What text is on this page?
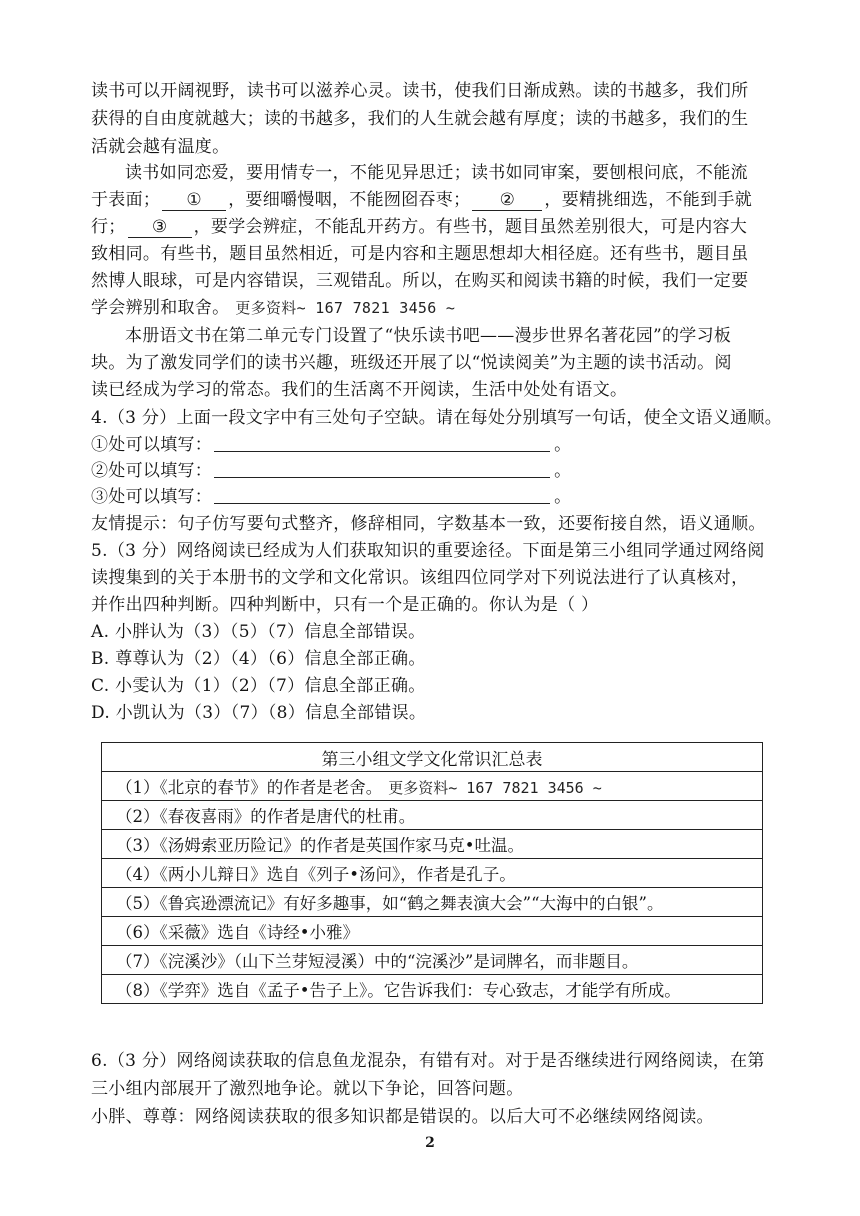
读书可以开阔视野，读书可以滋养心灵。读书，使我们日渐成熟。读的书越多，我们所
获得的自由度就越大；读的书越多，我们的人生就会越有厚度；读的书越多，我们的生
活就会越有温度。
读书如同恋爱，要用情专一，不能见异思迁；读书如同审案，要刨根问底，不能流
于表面； ① ，要细嚼慢咽，不能囫囵吞枣； ② ，要精挑细选，不能到手就
行； ③ ，要学会辨症，不能乱开药方。有些书，题目虽然差别很大，可是内容大
致相同。有些书，题目虽然相近，可是内容和主题思想却大相径庭。还有些书，题目虽
然博人眼球，可是内容错误，三观错乱。所以，在购买和阅读书籍的时候，我们一定要
学会辨别和取舍。 更多资料~ 167 7821 3456 ~
本册语文书在第二单元专门设置了“快乐读书吧——漫步世界名著花园”的学习板
块。为了激发同学们的读书兴趣，班级还开展了以“悦读阅美”为主题的读书活动。阅
读已经成为学习的常态。我们的生活离不开阅读，生活中处处有语文。
4.（3 分）上面一段文字中有三处句子空缺。请在每处分别填写一句话，使全文语义通顺。
①处可以填写：	。
②处可以填写：	。
③处可以填写：	。
友情提示：句子仿写要句式整齐，修辞相同，字数基本一致，还要衔接自然，语义通顺。
5.（3 分）网络阅读已经成为人们获取知识的重要途径。下面是第三小组同学通过网络阅
读搜集到的关于本册书的文学和文化常识。该组四位同学对下列说法进行了认真核对，
并作出四种判断。四种判断中，只有一个是正确的。你认为是（ ）
A. 小胖认为（3）（5）（7）信息全部错误。
B. 尊尊认为（2）（4）（6）信息全部正确。
C. 小雯认为（1）（2）（7）信息全部正确。
D. 小凯认为（3）（7）（8）信息全部错误。
第三小组文学文化常识汇总表
（1）《北京的春节》的作者是老舍。 更多资料~ 167 7821 3456 ~
（2）《春夜喜雨》的作者是唐代的杜甫。
（3）《汤姆索亚历险记》的作者是英国作家马克•吐温。
（4）《两小儿辩日》选自《列子•汤问》，作者是孔子。
（5）《鲁宾逊漂流记》有好多趣事，如“鹤之舞表演大会”“大海中的白银”。
（6）《采薇》选自《诗经•小雅》
（7）《浣溪沙》（山下兰芽短浸溪）中的“浣溪沙”是词牌名，而非题目。
（8）《学弈》选自《孟子•告子上》。它告诉我们：专心致志，才能学有所成。
6.（3 分）网络阅读获取的信息鱼龙混杂，有错有对。对于是否继续进行网络阅读，在第
三小组内部展开了激烈地争论。就以下争论，回答问题。
小胖、尊尊：网络阅读获取的很多知识都是错误的。以后大可不必继续网络阅读。
2
